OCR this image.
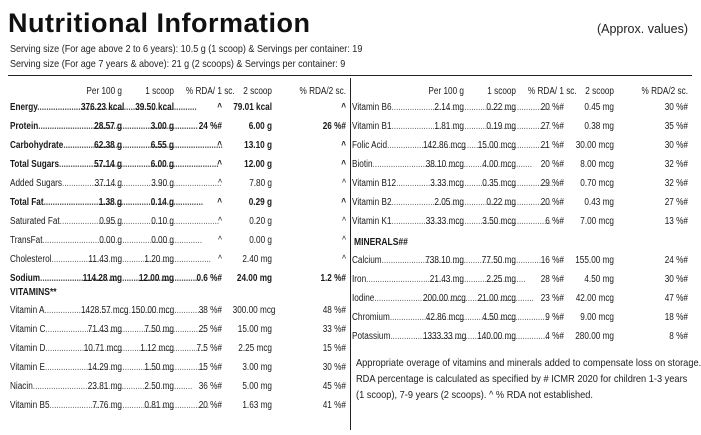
Nutritional Information	(Approx. values)
Serving size (For age above 2 to 6 years): 10.5 g (1 scoop) & Servings per container: 19
Serving size (For age 7 years & above): 21 g (2 scoops) & Servings per container: 9
Per 100 g	1 scoop % RDA/ 1 sc. 2 scoop	% RDA/2 sc.
Energy .....	376.23 kcal	39.50 kcal	^ 79.01 kcal	^
Protein .....	28.57 g	3.00 g	24 %#	6.00 g	26 %#
Carbohydrate .....	62.38 g	6.55 g	^	13.10 g	^
Total Sugars .....	57.14 g	6.00 g	^	12.00 g	^
Added Sugars .....	37.14 g	3.90 g	^	7.80 g	^
Total Fat .....	1.38 g	0.14 g	^	0.29 g	^
Saturated Fat .....	0.95 g	0.10 g	^	0.20 g	^
TransFat .....	0.00 g	0.00 g	^	0.00 g	^
Cholesterol .....	11.43 mg	1.20 mg	^	2.40 mg	^
Sodium .....	114.28 mg	12.00 mg	0.6 %#	24.00 mg	1.2 %#
VITAMINS**
Vitamin A .....	1428.57 mcg 150.00 mcg	38 %# 300.00 mcg	48 %#
Vitamin C .....	71.43 mg	7.50 mg	25 %#	15.00 mg	33 %#
Vitamin D .....	10.71 mcg	1.12 mcg	7.5 %#	2.25 mcg	15 %#
Vitamin E .....	14.29 mg	1.50 mg	15 %#	3.00 mg	30 %#
Niacin .....	23.81 mg	2.50 mg	36 %#	5.00 mg	45 %#
Vitamin B5 .....	7.76 mg	0.81 mg	20 %#	1.63 mg	41 %#
Per 100 g	1 scoop % RDA/ 1 sc. 2 scoop	% RDA/2 sc.
Vitamin B6 .....	2.14 mg	0.22 mg	20 %#	0.45 mg	30 %#
Vitamin B1 .....	1.81 mg	0.19 mg	27 %#	0.38 mg	35 %#
Folic Acid .....	142.86 mcg	15.00 mcg	21 %# 30.00 mcg	30 %#
Biotin .....	38.10 mcg	4.00 mcg	20 %#	8.00 mcg	32 %#
Vitamin B12 .....	3.33 mcg	0.35 mcg	29 %#	0.70 mcg	32 %#
Vitamin B2 .....	2.05 mg	0.22 mg	20 %#	0.43 mg	27 %#
Vitamin K1 .....	33.33 mcg	3.50 mcg	6 %#	7.00 mcg	13 %#
MINERALS##
Calcium .....	738.10 mg	77.50 mg	16 %# 155.00 mg	24 %#
Iron .....	21.43 mg	2.25 mg	28 %#	4.50 mg	30 %#
Iodine .....	200.00 mcg	21.00 mcg	23 %# 42.00 mcg	47 %#
Chromium .....	42.86 mcg	4.50 mcg	9 %#	9.00 mcg	18 %#
Potassium .....	1333.33 mg	140.00 mg	4 %# 280.00 mg	8 %#
Appropriate overage of vitamins and minerals added to compensate loss on storage.
RDA percentage is calculated as specified by # ICMR 2020 for children 1-3 years
(1 scoop), 7-9 years (2 scoops). ^ % RDA not established.
